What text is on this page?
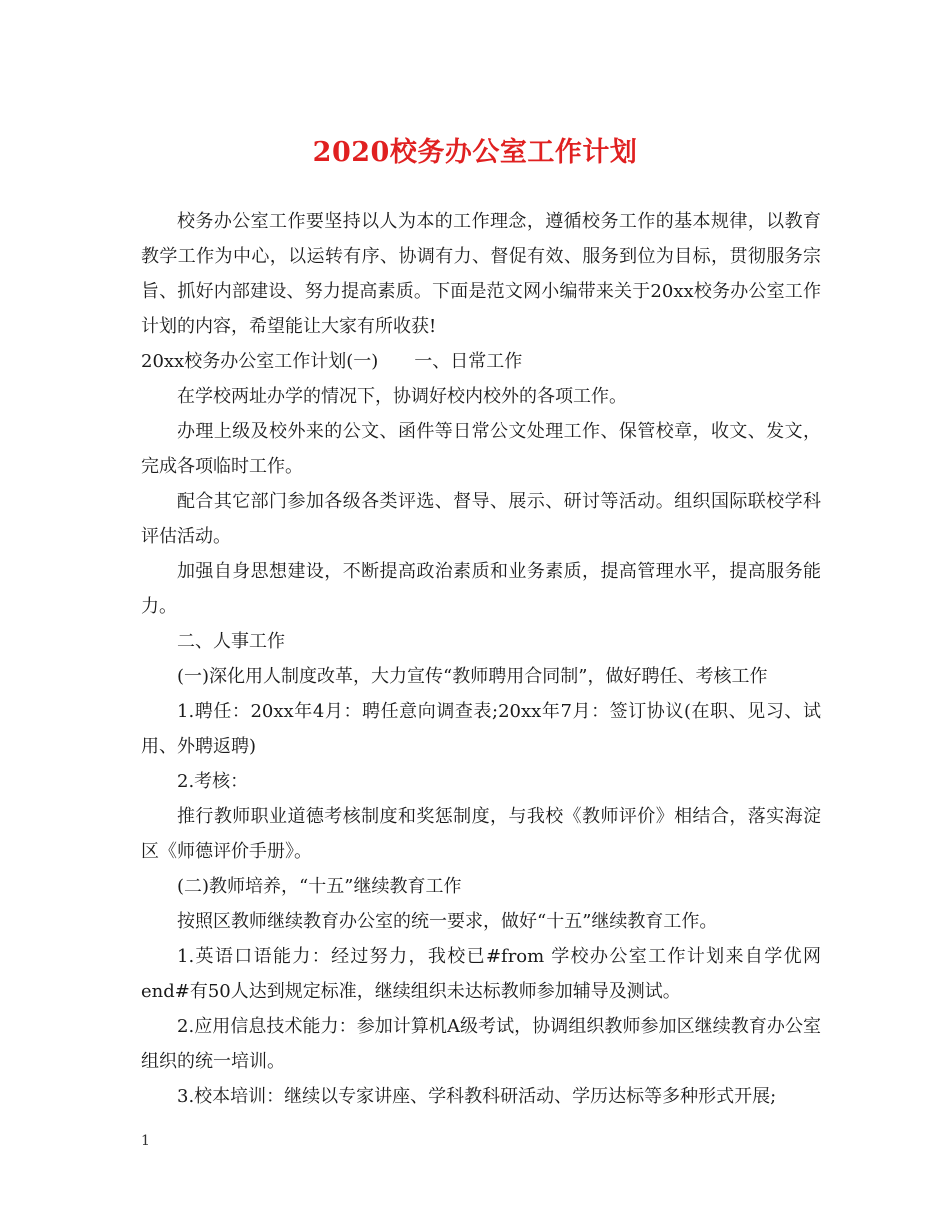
2020校务办公室工作计划

校务办公室工作要坚持以人为本的工作理念，遵循校务工作的基本规律，以教育教学工作为中心，以运转有序、协调有力、督促有效、服务到位为目标，贯彻服务宗旨、抓好内部建设、努力提高素质。下面是范文网小编带来关于20xx校务办公室工作计划的内容，希望能让大家有所收获!

20xx校务办公室工作计划(一)　　一、日常工作

在学校两址办学的情况下，协调好校内校外的各项工作。

办理上级及校外来的公文、函件等日常公文处理工作、保管校章，收文、发文，完成各项临时工作。

配合其它部门参加各级各类评选、督导、展示、研讨等活动。组织国际联校学科评估活动。

加强自身思想建设，不断提高政治素质和业务素质，提高管理水平，提高服务能力。

二、人事工作

(一)深化用人制度改革，大力宣传“教师聘用合同制”，做好聘任、考核工作

1.聘任：20xx年4月：聘任意向调查表;20xx年7月：签订协议(在职、见习、试用、外聘返聘)

2.考核：

推行教师职业道德考核制度和奖惩制度，与我校《教师评价》相结合，落实海淀区《师德评价手册》。

(二)教师培养，“十五”继续教育工作

按照区教师继续教育办公室的统一要求，做好“十五”继续教育工作。

1.英语口语能力：经过努力，我校已#from 学校办公室工作计划来自学优网 end#有50人达到规定标准，继续组织未达标教师参加辅导及测试。

2.应用信息技术能力：参加计算机A级考试，协调组织教师参加区继续教育办公室组织的统一培训。

3.校本培训：继续以专家讲座、学科教科研活动、学历达标等多种形式开展;

1
